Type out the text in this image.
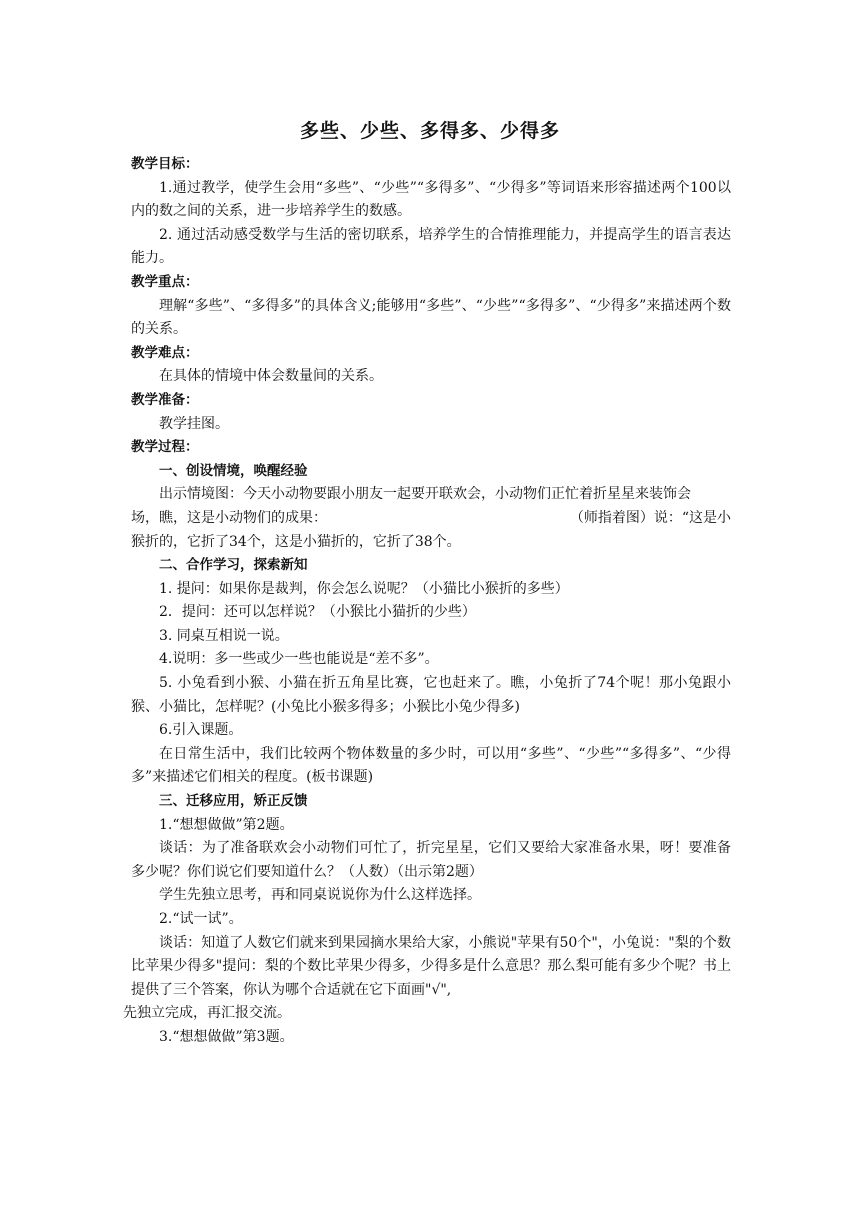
多些、少些、多得多、少得多
教学目标：
1.通过教学，使学生会用“多些”、“少些”“多得多”、“少得多”等词语来形容描述两个100以内的数之间的关系，进一步培养学生的数感。
2. 通过活动感受数学与生活的密切联系，培养学生的合情推理能力，并提高学生的语言表达能力。
教学重点：
理解“多些”、“多得多”的具体含义;能够用“多些”、“少些”“多得多”、“少得多”来描述两个数的关系。
教学难点：
在具体的情境中体会数量间的关系。
教学准备：
教学挂图。
教学过程：
一、创设情境，唤醒经验
出示情境图：今天小动物要跟小朋友一起要开联欢会，小动物们正忙着折星星来装饰会
场，瞧，这是小动物们的成果：	（师指着图）说：“这是小
猴折的，它折了34个，这是小猫折的，它折了38个。
二、合作学习，探索新知
1. 提问：如果你是裁判，你会怎么说呢？（小猫比小猴折的多些）
2．提问：还可以怎样说？（小猴比小猫折的少些）
3. 同桌互相说一说。
4.说明：多一些或少一些也能说是“差不多”。
5. 小兔看到小猴、小猫在折五角星比赛，它也赶来了。瞧，小兔折了74个呢！那小兔跟小猴、小猫比，怎样呢？(小兔比小猴多得多；小猴比小兔少得多)
6.引入课题。
在日常生活中，我们比较两个物体数量的多少时，可以用“多些”、“少些”“多得多”、“少得多”来描述它们相关的程度。(板书课题)
三、迁移应用，矫正反馈
1.“想想做做”第2题。
谈话：为了准备联欢会小动物们可忙了，折完星星，它们又要给大家准备水果，呀！要准备多少呢？你们说它们要知道什么？（人数）（出示第2题）
学生先独立思考，再和同桌说说你为什么这样选择。
2.“试一试”。
谈话：知道了人数它们就来到果园摘水果给大家，小熊说"苹果有50个"，小兔说："梨的个数比苹果少得多"提问：梨的个数比苹果少得多，少得多是什么意思？那么梨可能有多少个呢？书上提供了三个答案，你认为哪个合适就在它下面画"√",
先独立完成，再汇报交流。
3.“想想做做”第3题。
